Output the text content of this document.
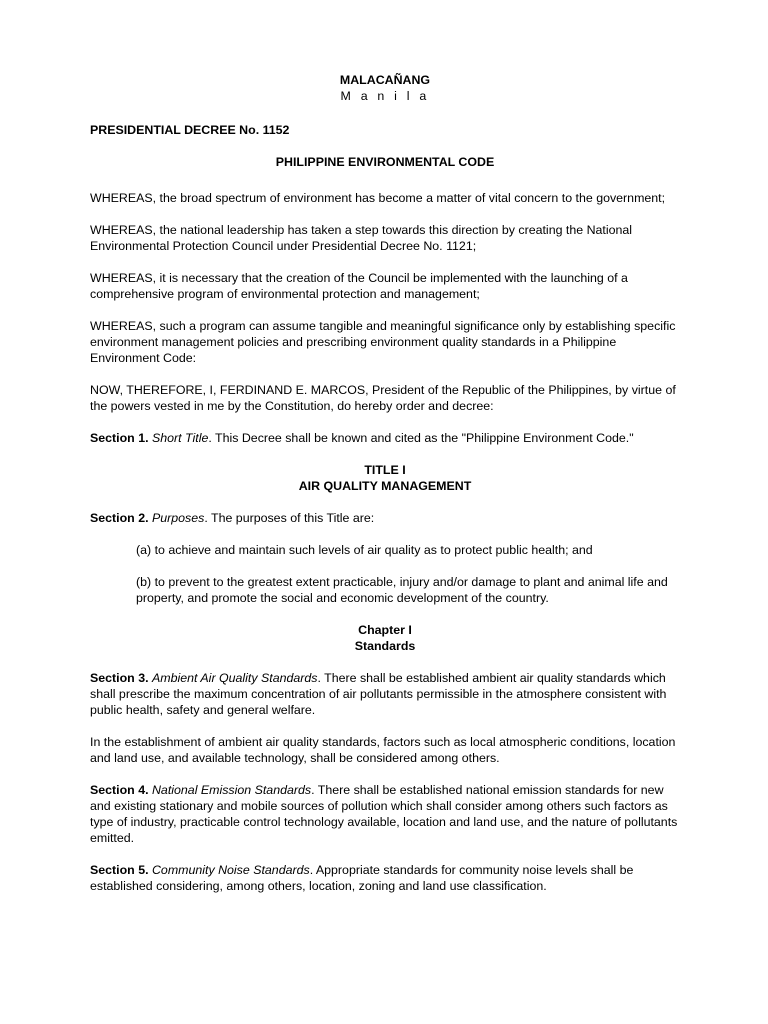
MALACAÑANG

M a n i l a

PRESIDENTIAL DECREE No. 1152

PHILIPPINE ENVIRONMENTAL CODE

WHEREAS, the broad spectrum of environment has become a matter of vital concern to the government;

WHEREAS, the national leadership has taken a step towards this direction by creating the National Environmental Protection Council under Presidential Decree No. 1121;

WHEREAS, it is necessary that the creation of the Council be implemented with the launching of a comprehensive program of environmental protection and management;

WHEREAS, such a program can assume tangible and meaningful significance only by establishing specific environment management policies and prescribing environment quality standards in a Philippine Environment Code:

NOW, THEREFORE, I, FERDINAND E. MARCOS, President of the Republic of the Philippines, by virtue of the powers vested in me by the Constitution, do hereby order and decree:

Section 1. Short Title. This Decree shall be known and cited as the "Philippine Environment Code."

TITLE I

AIR QUALITY MANAGEMENT

Section 2. Purposes. The purposes of this Title are:

(a) to achieve and maintain such levels of air quality as to protect public health; and

(b) to prevent to the greatest extent practicable, injury and/or damage to plant and animal life and property, and promote the social and economic development of the country.

Chapter I

Standards

Section 3. Ambient Air Quality Standards. There shall be established ambient air quality standards which shall prescribe the maximum concentration of air pollutants permissible in the atmosphere consistent with public health, safety and general welfare.

In the establishment of ambient air quality standards, factors such as local atmospheric conditions, location and land use, and available technology, shall be considered among others.

Section 4. National Emission Standards. There shall be established national emission standards for new and existing stationary and mobile sources of pollution which shall consider among others such factors as type of industry, practicable control technology available, location and land use, and the nature of pollutants emitted.

Section 5. Community Noise Standards. Appropriate standards for community noise levels shall be established considering, among others, location, zoning and land use classification.
